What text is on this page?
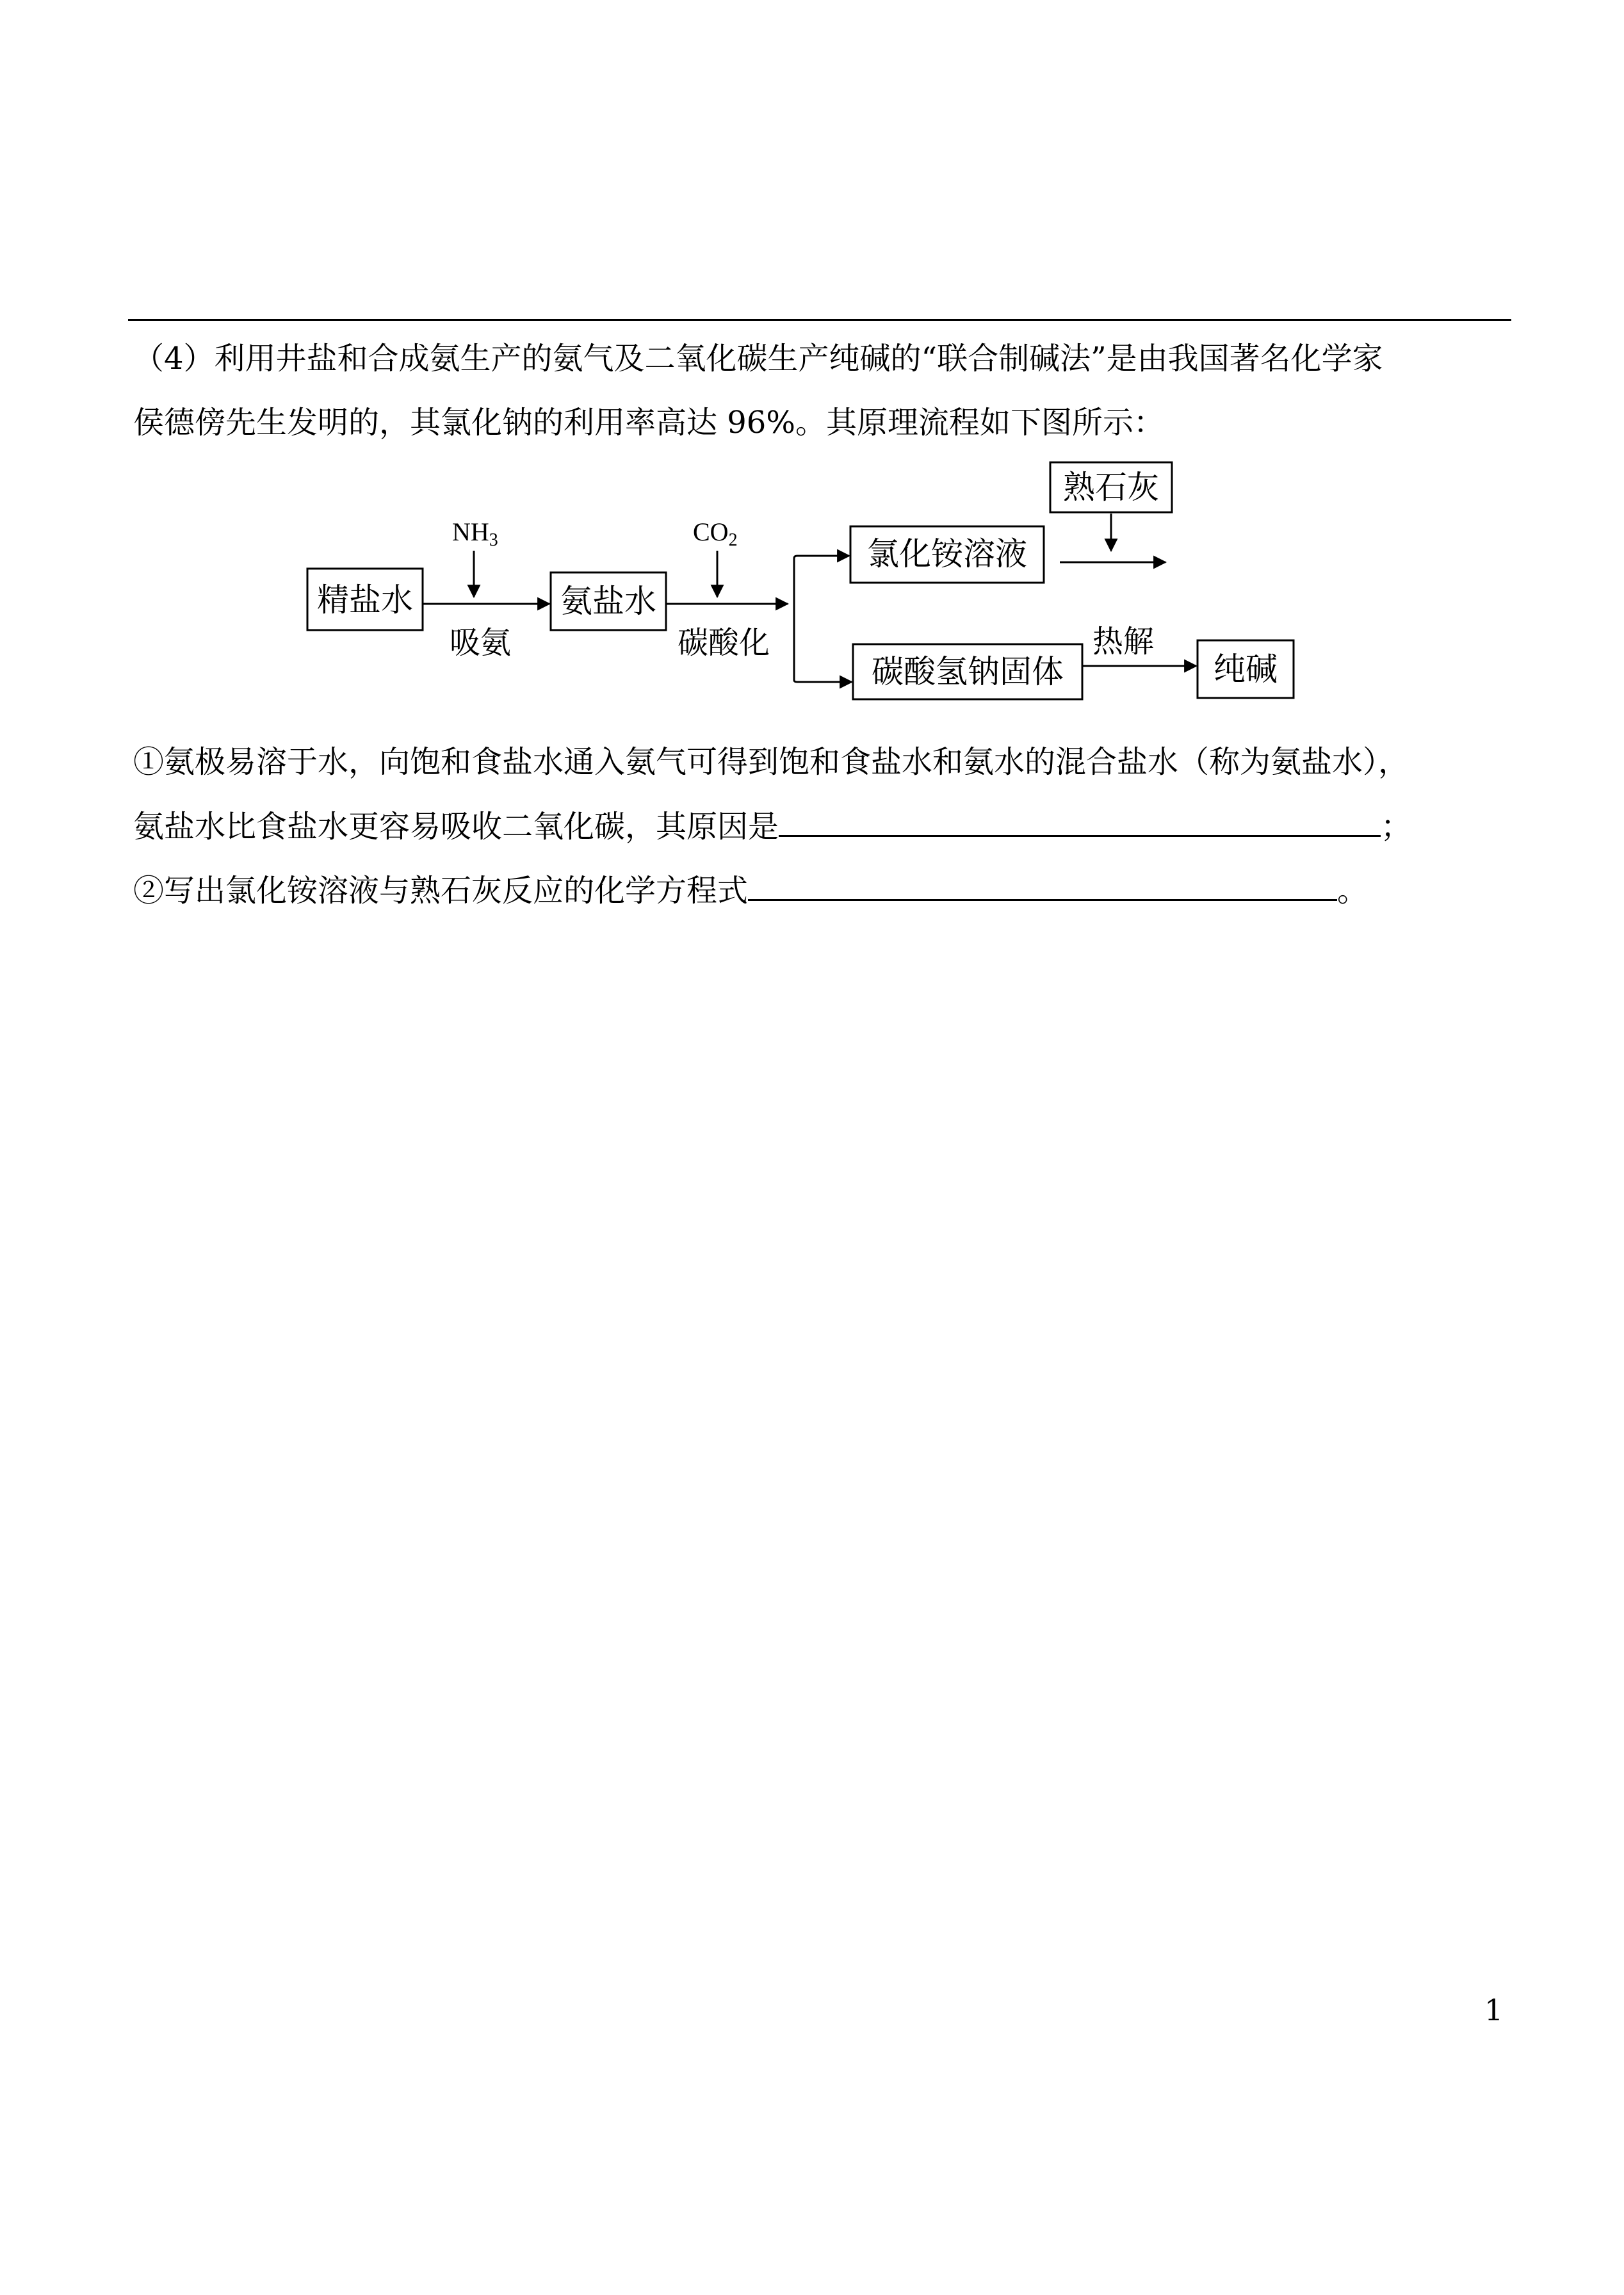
（4）利用井盐和合成氨生产的氨气及二氧化碳生产纯碱的“联合制碱法”是由我国著名化学家
侯德傍先生发明的，其氯化钠的利用率高达 96%。其原理流程如下图所示：
精盐水	氨盐水
氯化铵溶液
碳酸氢钠固体
熟石灰
纯碱
$NH_3$	$CO_2$
吸氨	碳酸化	热解
①氨极易溶于水，向饱和食盐水通入氨气可得到饱和食盐水和氨水的混合盐水（称为氨盐水），
氨盐水比食盐水更容易吸收二氧化碳，其原因是	；
②写出氯化铵溶液与熟石灰反应的化学方程式	。
1
